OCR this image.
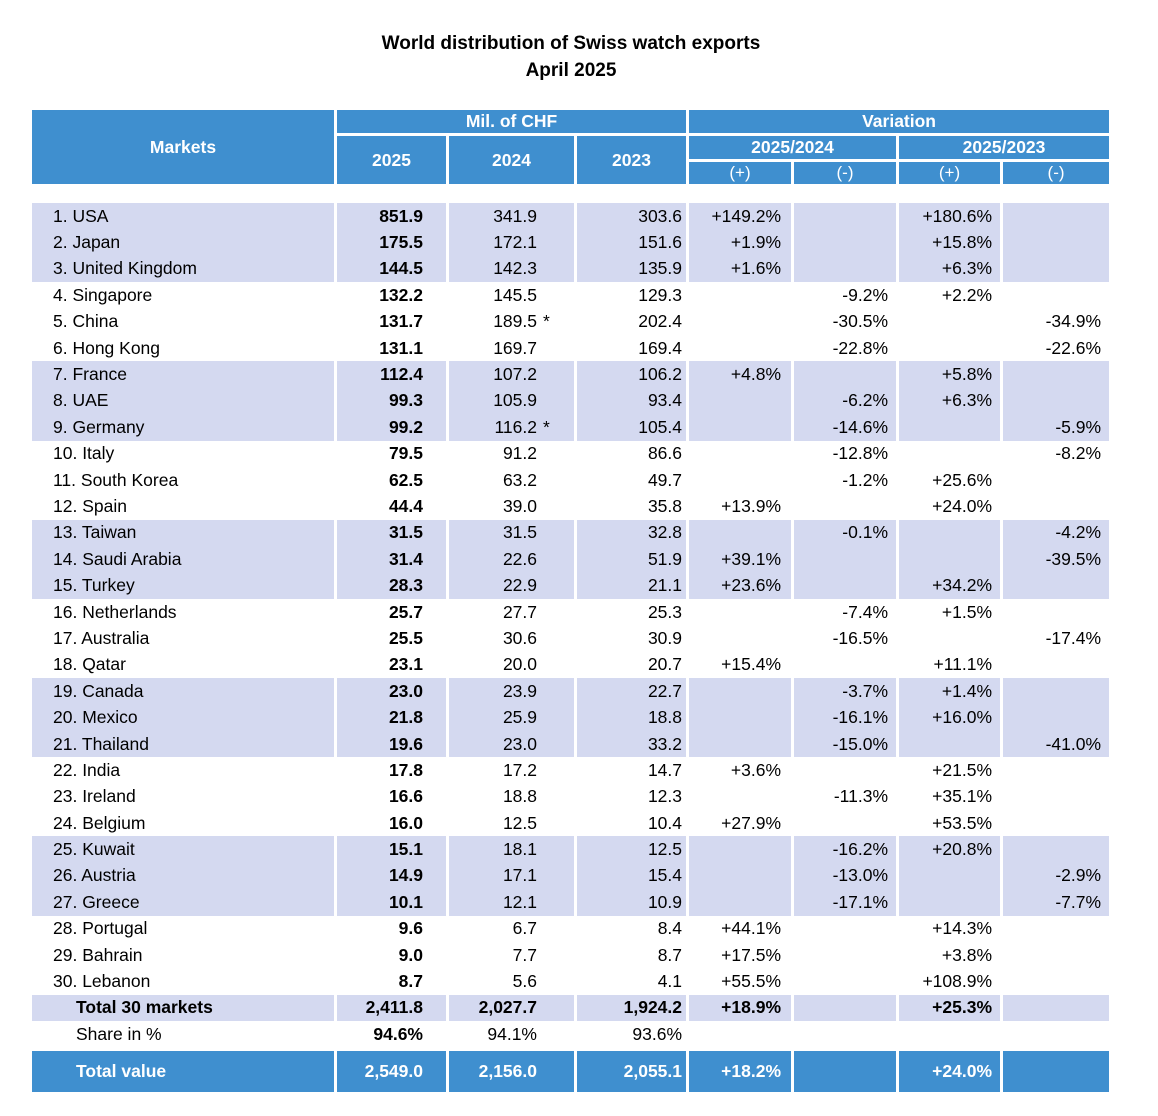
World distribution of Swiss watch exports
April 2025
Markets	Mil. of CHF			Variation			
	2025	2024	2023	2025/2024		2025/2023	
				(+)	(-)	(+)	(-)

1. USA	851.9	341.9	303.6	+149.2%		+180.6%	
2. Japan	175.5	172.1	151.6	+1.9%		+15.8%	
3. United Kingdom	144.5	142.3	135.9	+1.6%		+6.3%	
4. Singapore	132.2	145.5	129.3		-9.2%	+2.2%	
5. China	131.7	189.5 *	202.4		-30.5%		-34.9%
6. Hong Kong	131.1	169.7	169.4		-22.8%		-22.6%
7. France	112.4	107.2	106.2	+4.8%		+5.8%	
8. UAE	99.3	105.9	93.4		-6.2%	+6.3%	
9. Germany	99.2	116.2 *	105.4		-14.6%		-5.9%
10. Italy	79.5	91.2	86.6		-12.8%		-8.2%
11. South Korea	62.5	63.2	49.7		-1.2%	+25.6%	
12. Spain	44.4	39.0	35.8	+13.9%		+24.0%	
13. Taiwan	31.5	31.5	32.8		-0.1%		-4.2%
14. Saudi Arabia	31.4	22.6	51.9	+39.1%			-39.5%
15. Turkey	28.3	22.9	21.1	+23.6%		+34.2%	
16. Netherlands	25.7	27.7	25.3		-7.4%	+1.5%	
17. Australia	25.5	30.6	30.9		-16.5%		-17.4%
18. Qatar	23.1	20.0	20.7	+15.4%		+11.1%	
19. Canada	23.0	23.9	22.7		-3.7%	+1.4%	
20. Mexico	21.8	25.9	18.8		-16.1%	+16.0%	
21. Thailand	19.6	23.0	33.2		-15.0%		-41.0%
22. India	17.8	17.2	14.7	+3.6%		+21.5%	
23. Ireland	16.6	18.8	12.3		-11.3%	+35.1%	
24. Belgium	16.0	12.5	10.4	+27.9%		+53.5%	
25. Kuwait	15.1	18.1	12.5		-16.2%	+20.8%	
26. Austria	14.9	17.1	15.4		-13.0%		-2.9%
27. Greece	10.1	12.1	10.9		-17.1%		-7.7%
28. Portugal	9.6	6.7	8.4	+44.1%		+14.3%	
29. Bahrain	9.0	7.7	8.7	+17.5%		+3.8%	
30. Lebanon	8.7	5.6	4.1	+55.5%		+108.9%	
Total 30 markets	2,411.8	2,027.7	1,924.2	+18.9%		+25.3%	
Share in %	94.6%	94.1%	93.6%				
Total value	2,549.0	2,156.0	2,055.1	+18.2%		+24.0%	
